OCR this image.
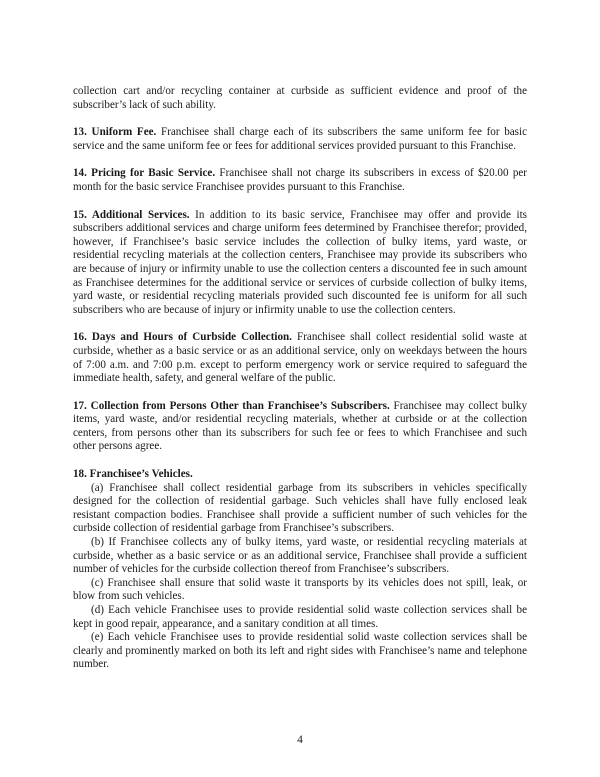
collection cart and/or recycling container at curbside as sufficient evidence and proof of the subscriber’s lack of such ability.

13. Uniform Fee. Franchisee shall charge each of its subscribers the same uniform fee for basic service and the same uniform fee or fees for additional services provided pursuant to this Franchise.

14. Pricing for Basic Service. Franchisee shall not charge its subscribers in excess of $20.00 per month for the basic service Franchisee provides pursuant to this Franchise.

15. Additional Services. In addition to its basic service, Franchisee may offer and provide its subscribers additional services and charge uniform fees determined by Franchisee therefor; provided, however, if Franchisee’s basic service includes the collection of bulky items, yard waste, or residential recycling materials at the collection centers, Franchisee may provide its subscribers who are because of injury or infirmity unable to use the collection centers a discounted fee in such amount as Franchisee determines for the additional service or services of curbside collection of bulky items, yard waste, or residential recycling materials provided such discounted fee is uniform for all such subscribers who are because of injury or infirmity unable to use the collection centers.

16. Days and Hours of Curbside Collection. Franchisee shall collect residential solid waste at curbside, whether as a basic service or as an additional service, only on weekdays between the hours of 7:00 a.m. and 7:00 p.m. except to perform emergency work or service required to safeguard the immediate health, safety, and general welfare of the public.

17. Collection from Persons Other than Franchisee’s Subscribers. Franchisee may collect bulky items, yard waste, and/or residential recycling materials, whether at curbside or at the collection centers, from persons other than its subscribers for such fee or fees to which Franchisee and such other persons agree.

18. Franchisee’s Vehicles.

(a) Franchisee shall collect residential garbage from its subscribers in vehicles specifically designed for the collection of residential garbage. Such vehicles shall have fully enclosed leak resistant compaction bodies. Franchisee shall provide a sufficient number of such vehicles for the curbside collection of residential garbage from Franchisee’s subscribers.

(b) If Franchisee collects any of bulky items, yard waste, or residential recycling materials at curbside, whether as a basic service or as an additional service, Franchisee shall provide a sufficient number of vehicles for the curbside collection thereof from Franchisee’s subscribers.

(c) Franchisee shall ensure that solid waste it transports by its vehicles does not spill, leak, or blow from such vehicles.

(d) Each vehicle Franchisee uses to provide residential solid waste collection services shall be kept in good repair, appearance, and a sanitary condition at all times.

(e) Each vehicle Franchisee uses to provide residential solid waste collection services shall be clearly and prominently marked on both its left and right sides with Franchisee’s name and telephone number.

4
